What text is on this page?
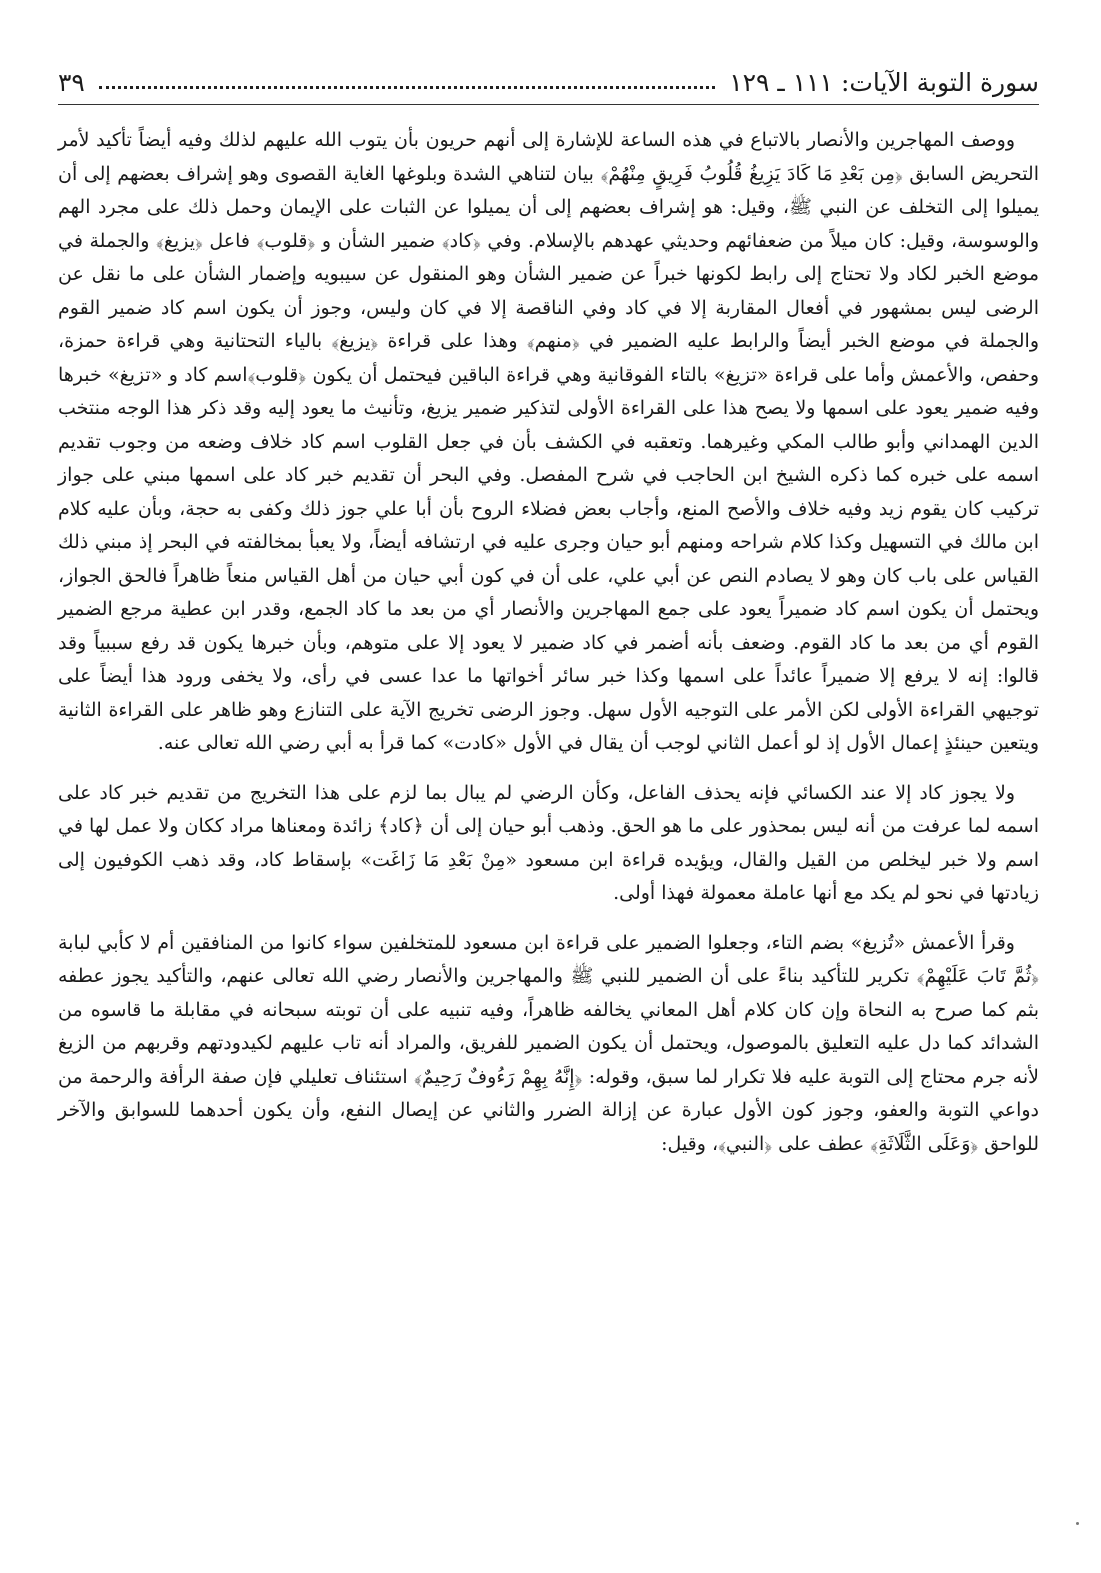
سورة التوبة الآيات: ١١١ ـ ١٢٩
٣٩

ووصف المهاجرين والأنصار بالاتباع في هذه الساعة للإشارة إلى أنهم حريون بأن يتوب الله عليهم لذلك وفيه أيضاً تأكيد لأمر التحريض السابق ﴿مِن بَعْدِ مَا كَادَ يَزِيغُ قُلُوبُ فَرِيقٍ مِنْهُمْ﴾ بيان لتناهي الشدة وبلوغها الغاية القصوى وهو إشراف بعضهم إلى أن يميلوا إلى التخلف عن النبي ﷺ، وقيل: هو إشراف بعضهم إلى أن يميلوا عن الثبات على الإيمان وحمل ذلك على مجرد الهم والوسوسة، وقيل: كان ميلاً من ضعفائهم وحديثي عهدهم بالإسلام. وفي ﴿كاد﴾ ضمير الشأن و ﴿قلوب﴾ فاعل ﴿يزيغ﴾ والجملة في موضع الخبر لكاد ولا تحتاج إلى رابط لكونها خبراً عن ضمير الشأن وهو المنقول عن سيبويه وإضمار الشأن على ما نقل عن الرضى ليس بمشهور في أفعال المقاربة إلا في كاد وفي الناقصة إلا في كان وليس، وجوز أن يكون اسم كاد ضمير القوم والجملة في موضع الخبر أيضاً والرابط عليه الضمير في ﴿منهم﴾ وهذا على قراءة ﴿يزيغ﴾ بالياء التحتانية وهي قراءة حمزة، وحفص، والأعمش وأما على قراءة «تزيغ» بالتاء الفوقانية وهي قراءة الباقين فيحتمل أن يكون ﴿قلوب﴾اسم كاد و «تزيغ» خبرها وفيه ضمير يعود على اسمها ولا يصح هذا على القراءة الأولى لتذكير ضمير يزيغ، وتأنيث ما يعود إليه وقد ذكر هذا الوجه منتخب الدين الهمداني وأبو طالب المكي وغيرهما. وتعقبه في الكشف بأن في جعل القلوب اسم كاد خلاف وضعه من وجوب تقديم اسمه على خبره كما ذكره الشيخ ابن الحاجب في شرح المفصل. وفي البحر أن تقديم خبر كاد على اسمها مبني على جواز تركيب كان يقوم زيد وفيه خلاف والأصح المنع، وأجاب بعض فضلاء الروح بأن أبا علي جوز ذلك وكفى به حجة، وبأن عليه كلام ابن مالك في التسهيل وكذا كلام شراحه ومنهم أبو حيان وجرى عليه في ارتشافه أيضاً، ولا يعبأ بمخالفته في البحر إذ مبني ذلك القياس على باب كان وهو لا يصادم النص عن أبي علي، على أن في كون أبي حيان من أهل القياس منعاً ظاهراً فالحق الجواز، ويحتمل أن يكون اسم كاد ضميراً يعود على جمع المهاجرين والأنصار أي من بعد ما كاد الجمع، وقدر ابن عطية مرجع الضمير القوم أي من بعد ما كاد القوم. وضعف بأنه أضمر في كاد ضمير لا يعود إلا على متوهم، وبأن خبرها يكون قد رفع سببياً وقد قالوا: إنه لا يرفع إلا ضميراً عائداً على اسمها وكذا خبر سائر أخواتها ما عدا عسى في رأى، ولا يخفى ورود هذا أيضاً على توجيهي القراءة الأولى لكن الأمر على التوجيه الأول سهل. وجوز الرضى تخريج الآية على التنازع وهو ظاهر على القراءة الثانية ويتعين حينئذٍ إعمال الأول إذ لو أعمل الثاني لوجب أن يقال في الأول «كادت» كما قرأ به أبي رضي الله تعالى عنه.

ولا يجوز كاد إلا عند الكسائي فإنه يحذف الفاعل، وكأن الرضي لم يبال بما لزم على هذا التخريج من تقديم خبر كاد على اسمه لما عرفت من أنه ليس بمحذور على ما هو الحق. وذهب أبو حيان إلى أن ﴿كاد﴾ زائدة ومعناها مراد ككان ولا عمل لها في اسم ولا خبر ليخلص من القيل والقال، ويؤيده قراءة ابن مسعود «مِنْ بَعْدِ مَا زَاغَت» بإسقاط كاد، وقد ذهب الكوفيون إلى زيادتها في نحو لم يكد مع أنها عاملة معمولة فهذا أولى.

وقرأ الأعمش «تُزيغ» بضم التاء، وجعلوا الضمير على قراءة ابن مسعود للمتخلفين سواء كانوا من المنافقين أم لا كأبي لبابة ﴿ثُمَّ تَابَ عَلَيْهِمْ﴾ تكرير للتأكيد بناءً على أن الضمير للنبي ﷺ والمهاجرين والأنصار رضي الله تعالى عنهم، والتأكيد يجوز عطفه بثم كما صرح به النحاة وإن كان كلام أهل المعاني يخالفه ظاهراً، وفيه تنبيه على أن توبته سبحانه في مقابلة ما قاسوه من الشدائد كما دل عليه التعليق بالموصول، ويحتمل أن يكون الضمير للفريق، والمراد أنه تاب عليهم لكيدودتهم وقربهم من الزيغ لأنه جرم محتاج إلى التوبة عليه فلا تكرار لما سبق، وقوله: ﴿إِنَّهُ بِهِمْ رَءُوفٌ رَحِيمٌ﴾ استئناف تعليلي فإن صفة الرأفة والرحمة من دواعي التوبة والعفو، وجوز كون الأول عبارة عن إزالة الضرر والثاني عن إيصال النفع، وأن يكون أحدهما للسوابق والآخر للواحق ﴿وَعَلَى الثَّلَاثَةِ﴾ عطف على ﴿النبي﴾، وقيل:
